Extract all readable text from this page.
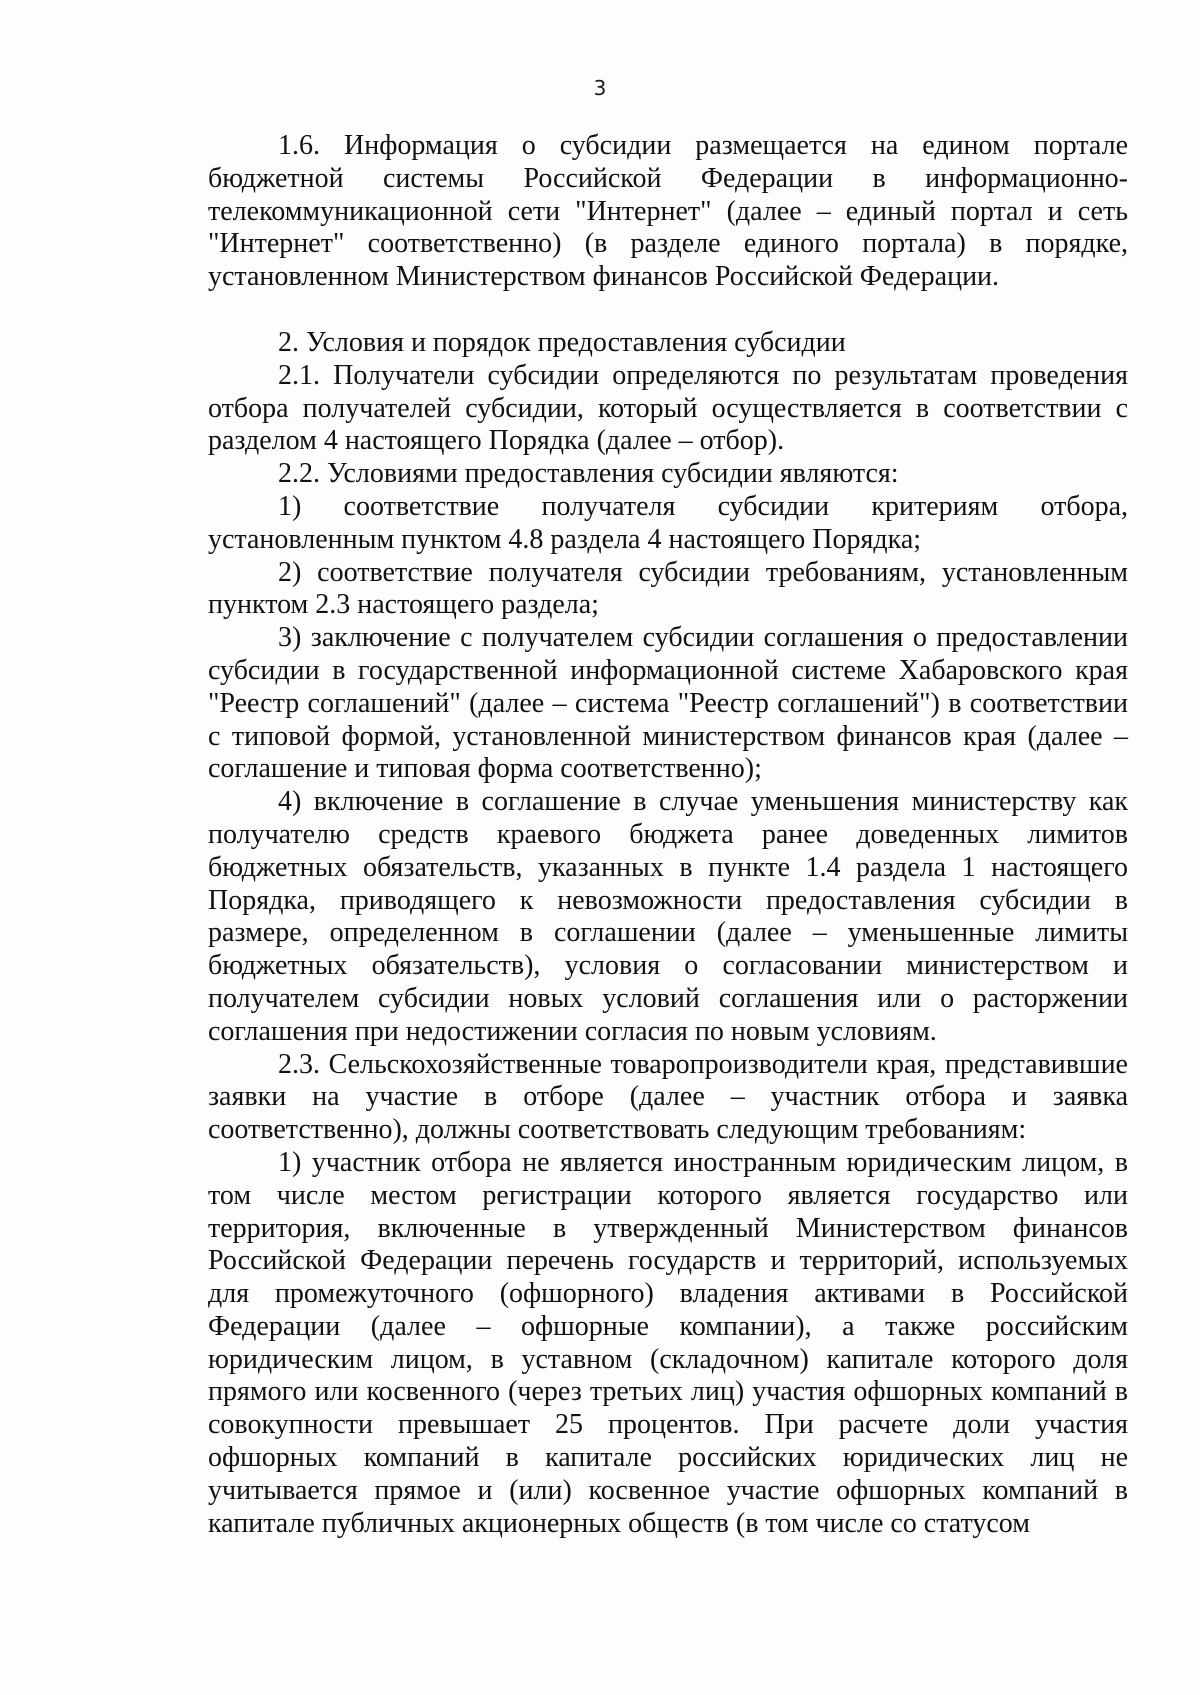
3

1.6. Информация о субсидии размещается на едином портале бюджетной системы Российской Федерации в информационно-телекоммуникационной сети "Интернет" (далее – единый портал и сеть "Интернет" соответственно) (в разделе единого портала) в порядке, установленном Министерством финансов Российской Федерации.

2. Условия и порядок предоставления субсидии

2.1. Получатели субсидии определяются по результатам проведения отбора получателей субсидии, который осуществляется в соответствии с разделом 4 настоящего Порядка (далее – отбор).

2.2. Условиями предоставления субсидии являются:

1) соответствие получателя субсидии критериям отбора, установленным пунктом 4.8 раздела 4 настоящего Порядка;

2) соответствие получателя субсидии требованиям, установленным пунктом 2.3 настоящего раздела;

3) заключение с получателем субсидии соглашения о предоставлении субсидии в государственной информационной системе Хабаровского края "Реестр соглашений" (далее – система "Реестр соглашений") в соответствии с типовой формой, установленной министерством финансов края (далее – соглашение и типовая форма соответственно);

4) включение в соглашение в случае уменьшения министерству как получателю средств краевого бюджета ранее доведенных лимитов бюджетных обязательств, указанных в пункте 1.4 раздела 1 настоящего Порядка, приводящего к невозможности предоставления субсидии в размере, определенном в соглашении (далее – уменьшенные лимиты бюджетных обязательств), условия о согласовании министерством и получателем субсидии новых условий соглашения или о расторжении соглашения при недостижении согласия по новым условиям.

2.3. Сельскохозяйственные товаропроизводители края, представившие заявки на участие в отборе (далее – участник отбора и заявка соответственно), должны соответствовать следующим требованиям:

1) участник отбора не является иностранным юридическим лицом, в том числе местом регистрации которого является государство или территория, включенные в утвержденный Министерством финансов Российской Федерации перечень государств и территорий, используемых для промежуточного (офшорного) владения активами в Российской Федерации (далее – офшорные компании), а также российским юридическим лицом, в уставном (складочном) капитале которого доля прямого или косвенного (через третьих лиц) участия офшорных компаний в совокупности превышает 25 процентов. При расчете доли участия офшорных компаний в капитале российских юридических лиц не учитывается прямое и (или) косвенное участие офшорных компаний в капитале публичных акционерных обществ (в том числе со статусом
